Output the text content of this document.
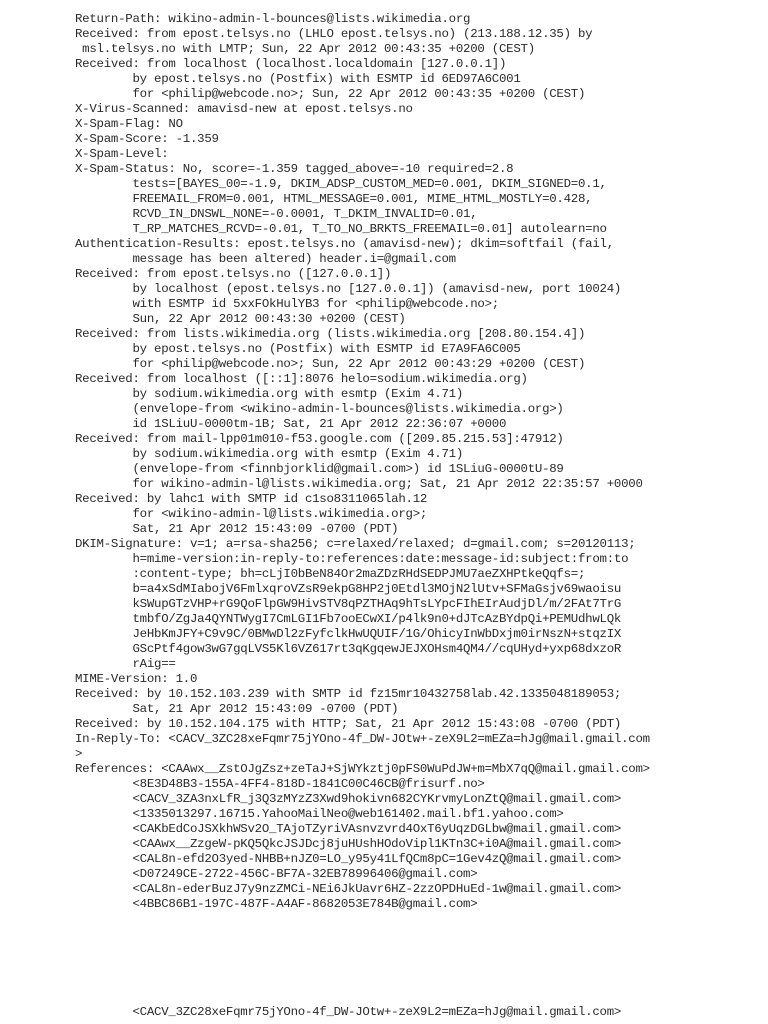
Return-Path: wikino-admin-l-bounces@lists.wikimedia.org
Received: from epost.telsys.no (LHLO epost.telsys.no) (213.188.12.35) by
msl.telsys.no with LMTP; Sun, 22 Apr 2012 00:43:35 +0200 (CEST)
Received: from localhost (localhost.localdomain [127.0.0.1])
by epost.telsys.no (Postfix) with ESMTP id 6ED97A6C001
for <philip@webcode.no>; Sun, 22 Apr 2012 00:43:35 +0200 (CEST)
X-Virus-Scanned: amavisd-new at epost.telsys.no
X-Spam-Flag: NO
X-Spam-Score: -1.359
X-Spam-Level:
X-Spam-Status: No, score=-1.359 tagged_above=-10 required=2.8
tests=[BAYES_00=-1.9, DKIM_ADSP_CUSTOM_MED=0.001, DKIM_SIGNED=0.1,
FREEMAIL_FROM=0.001, HTML_MESSAGE=0.001, MIME_HTML_MOSTLY=0.428,
RCVD_IN_DNSWL_NONE=-0.0001, T_DKIM_INVALID=0.01,
T_RP_MATCHES_RCVD=-0.01, T_TO_NO_BRKTS_FREEMAIL=0.01] autolearn=no
Authentication-Results: epost.telsys.no (amavisd-new); dkim=softfail (fail,
message has been altered) header.i=@gmail.com
Received: from epost.telsys.no ([127.0.0.1])
by localhost (epost.telsys.no [127.0.0.1]) (amavisd-new, port 10024)
with ESMTP id 5xxFOkHulYB3 for <philip@webcode.no>;
Sun, 22 Apr 2012 00:43:30 +0200 (CEST)
Received: from lists.wikimedia.org (lists.wikimedia.org [208.80.154.4])
by epost.telsys.no (Postfix) with ESMTP id E7A9FA6C005
for <philip@webcode.no>; Sun, 22 Apr 2012 00:43:29 +0200 (CEST)
Received: from localhost ([::1]:8076 helo=sodium.wikimedia.org)
by sodium.wikimedia.org with esmtp (Exim 4.71)
(envelope-from <wikino-admin-l-bounces@lists.wikimedia.org>)
id 1SLiuU-0000tm-1B; Sat, 21 Apr 2012 22:36:07 +0000
Received: from mail-lpp01m010-f53.google.com ([209.85.215.53]:47912)
by sodium.wikimedia.org with esmtp (Exim 4.71)
(envelope-from <finnbjorklid@gmail.com>) id 1SLiuG-0000tU-89
for wikino-admin-l@lists.wikimedia.org; Sat, 21 Apr 2012 22:35:57 +0000
Received: by lahc1 with SMTP id c1so8311065lah.12
for <wikino-admin-l@lists.wikimedia.org>;
Sat, 21 Apr 2012 15:43:09 -0700 (PDT)
DKIM-Signature: v=1; a=rsa-sha256; c=relaxed/relaxed; d=gmail.com; s=20120113;
h=mime-version:in-reply-to:references:date:message-id:subject:from:to
:content-type; bh=cLjI0bBeN84Or2maZDzRHdSEDPJMU7aeZXHPtkeQqfs=;
b=a4xSdMIabojV6FmlxqroVZsR9ekpG8HP2j0Etdl3MOjN2lUtv+SFMaGsjv69waoisu
kSWupGTzVHP+rG9QoFlpGW9HivSTV8qPZTHAq9hTsLYpcFIhEIrAudjDl/m/2FAt7TrG
tmbfO/ZgJa4QYNTWygI7CmLGI1Fb7ooECwXI/p4lk9n0+dJTcAzBYdpQi+PEMUdhwLQk
JeHbKmJFY+C9v9C/0BMwDl2zFyfclkHwUQUIF/1G/OhicyInWbDxjm0irNszN+stqzIX
GScPtf4gow3wG7gqLVS5Kl6VZ617rt3qKgqewJEJXOHsm4QM4//cqUHyd+yxp68dxzoR
rAig==
MIME-Version: 1.0
Received: by 10.152.103.239 with SMTP id fz15mr10432758lab.42.1335048189053;
Sat, 21 Apr 2012 15:43:09 -0700 (PDT)
Received: by 10.152.104.175 with HTTP; Sat, 21 Apr 2012 15:43:08 -0700 (PDT)
In-Reply-To: <CACV_3ZC28xeFqmr75jYOno-4f_DW-JOtw+-zeX9L2=mEZa=hJg@mail.gmail.com
>
References: <CAAwx__ZstOJgZsz+zeTaJ+SjWYkztj0pFS0WuPdJW+m=MbX7qQ@mail.gmail.com>
<8E3D48B3-155A-4FF4-818D-1841C00C46CB@frisurf.no>
<CACV_3ZA3nxLfR_j3Q3zMYzZ3Xwd9hokivn682CYKrvmyLonZtQ@mail.gmail.com>
<1335013297.16715.YahooMailNeo@web161402.mail.bf1.yahoo.com>
<CAKbEdCoJSXkhWSv2O_TAjoTZyriVAsnvzvrd4OxT6yUqzDGLbw@mail.gmail.com>
<CAAwx__ZzgeW-pKQ5QkcJSJDcj8juHUshHOdoVipl1KTn3C+i0A@mail.gmail.com>
<CAL8n-efd2O3yed-NHBB+nJZ0=LO_y95y41LfQCm8pC=1Gev4zQ@mail.gmail.com>
<D07249CE-2722-456C-BF7A-32EB78996406@gmail.com>
<CAL8n-ederBuzJ7y9nzZMCi-NEi6JkUavr6HZ-2zzOPDHuEd-1w@mail.gmail.com>
<4BBC86B1-197C-487F-A4AF-8682053E784B@gmail.com>
<CACV_3ZC28xeFqmr75jYOno-4f_DW-JOtw+-zeX9L2=mEZa=hJg@mail.gmail.com>
